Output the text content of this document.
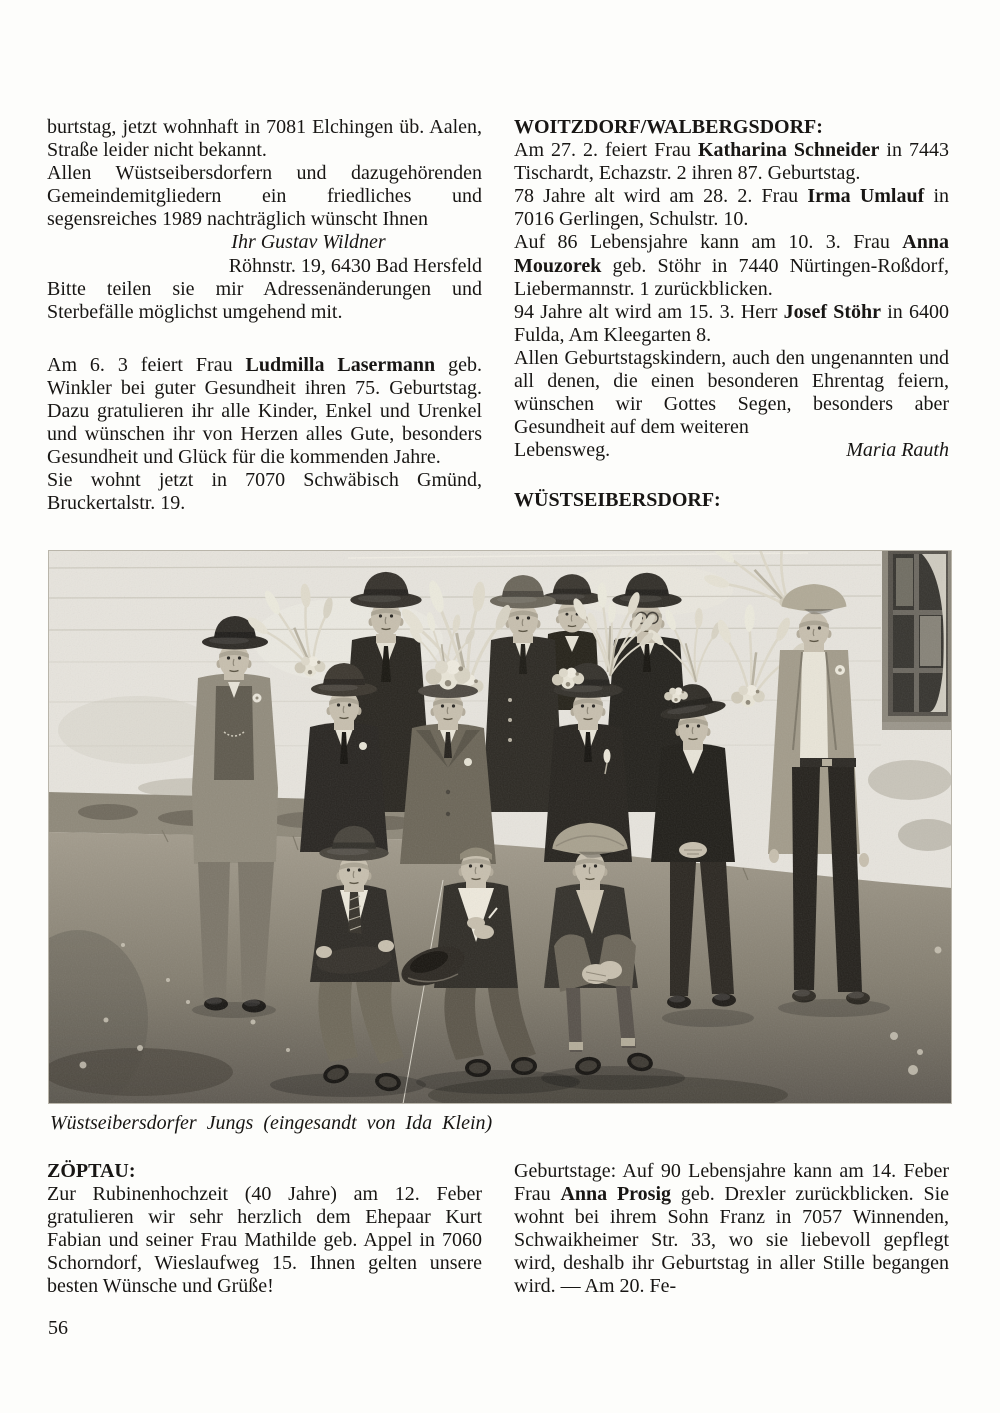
burtstag, jetzt wohnhaft in 7081 Elchingen üb. Aalen, Straße leider nicht bekannt.

Allen Wüstseibersdorfern und dazugehörenden Gemeindemitgliedern ein friedliches und segensreiches 1989 nachträglich wünscht Ihnen

Ihr Gustav Wildner

Röhnstr. 19, 6430 Bad Hersfeld

Bitte teilen sie mir Adressenänderungen und Sterbefälle möglichst umgehend mit.

Am 6. 3 feiert Frau Ludmilla Lasermann geb. Winkler bei guter Gesundheit ihren 75. Geburtstag. Dazu gratulieren ihr alle Kinder, Enkel und Urenkel und wünschen ihr von Herzen alles Gute, besonders Gesundheit und Glück für die kommenden Jahre.

Sie wohnt jetzt in 7070 Schwäbisch Gmünd, Bruckertalstr. 19.

WOITZDORF/WALBERGSDORF:

Am 27. 2. feiert Frau Katharina Schneider in 7443 Tischardt, Echazstr. 2 ihren 87. Geburtstag.

78 Jahre alt wird am 28. 2. Frau Irma Umlauf in 7016 Gerlingen, Schulstr. 10.

Auf 86 Lebensjahre kann am 10. 3. Frau Anna Mouzorek geb. Stöhr in 7440 Nürtingen-Roßdorf, Liebermannstr. 1 zurückblicken.

94 Jahre alt wird am 15. 3. Herr Josef Stöhr in 6400 Fulda, Am Kleegarten 8.

Allen Geburtstagskindern, auch den ungenannten und all denen, die einen besonderen Ehrentag feiern, wünschen wir Gottes Segen, besonders aber Gesundheit auf dem weiteren

Lebensweg.	Maria Rauth

WÜSTSEIBERSDORF:

Wüstseibersdorfer Jungs (eingesandt von Ida Klein)

ZÖPTAU:

Zur Rubinenhochzeit (40 Jahre) am 12. Feber gratulieren wir sehr herzlich dem Ehepaar Kurt Fabian und seiner Frau Mathilde geb. Appel in 7060 Schorndorf, Wieslaufweg 15. Ihnen gelten unsere besten Wünsche und Grüße!

Geburtstage: Auf 90 Lebensjahre kann am 14. Feber Frau Anna Prosig geb. Drexler zurückblicken. Sie wohnt bei ihrem Sohn Franz in 7057 Winnenden, Schwaikheimer Str. 33, wo sie liebevoll gepflegt wird, deshalb ihr Geburtstag in aller Stille begangen wird. — Am 20. Fe-

56
